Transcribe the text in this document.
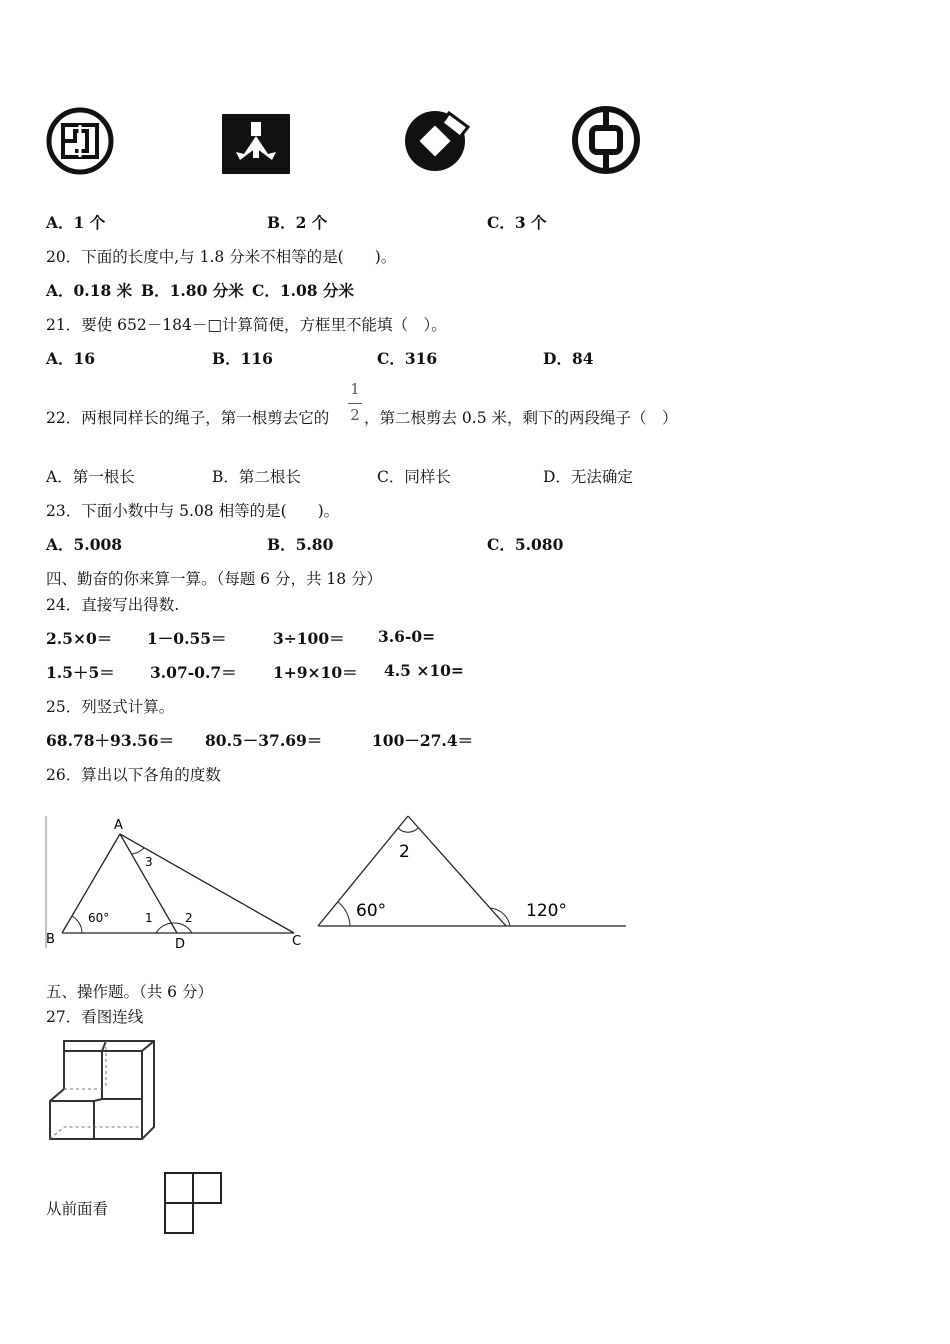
A．1 个	B．2 个	C．3 个
20．下面的长度中,与 1.8 分米不相等的是(　　)。
A．0.18 米 B．1.80 分米 C．1.08 分米
21．要使 652－184－□计算简便，方框里不能填（　）。
A．16	B．116	C．316	D．84
22．两根同样长的绳子，第一根剪去它的
1
2 ，第二根剪去 0.5 米，剩下的两段绳子（　）
A．第一根长	B．第二根长	C．同样长	D．无法确定
23．下面小数中与 5.08 相等的是(　　)。
A．5.008	B．5.80	C．5.080
四、勤奋的你来算一算。（每题 6 分，共 18 分）
24．直接写出得数.
2.5×0＝ 1－0.55＝	3÷100＝ 3.6-0=
1.5＋5＝ 3.07-0.7＝ 1+9×10＝ 4.5 ×10=
25．列竖式计算。
68.78＋93.56＝ 80.5－37.69＝	100－27.4＝
26．算出以下各角的度数
A
B	C
D
3
1	2
60°
2
60°	120°
五、操作题。（共 6 分）
27．看图连线
从前面看
